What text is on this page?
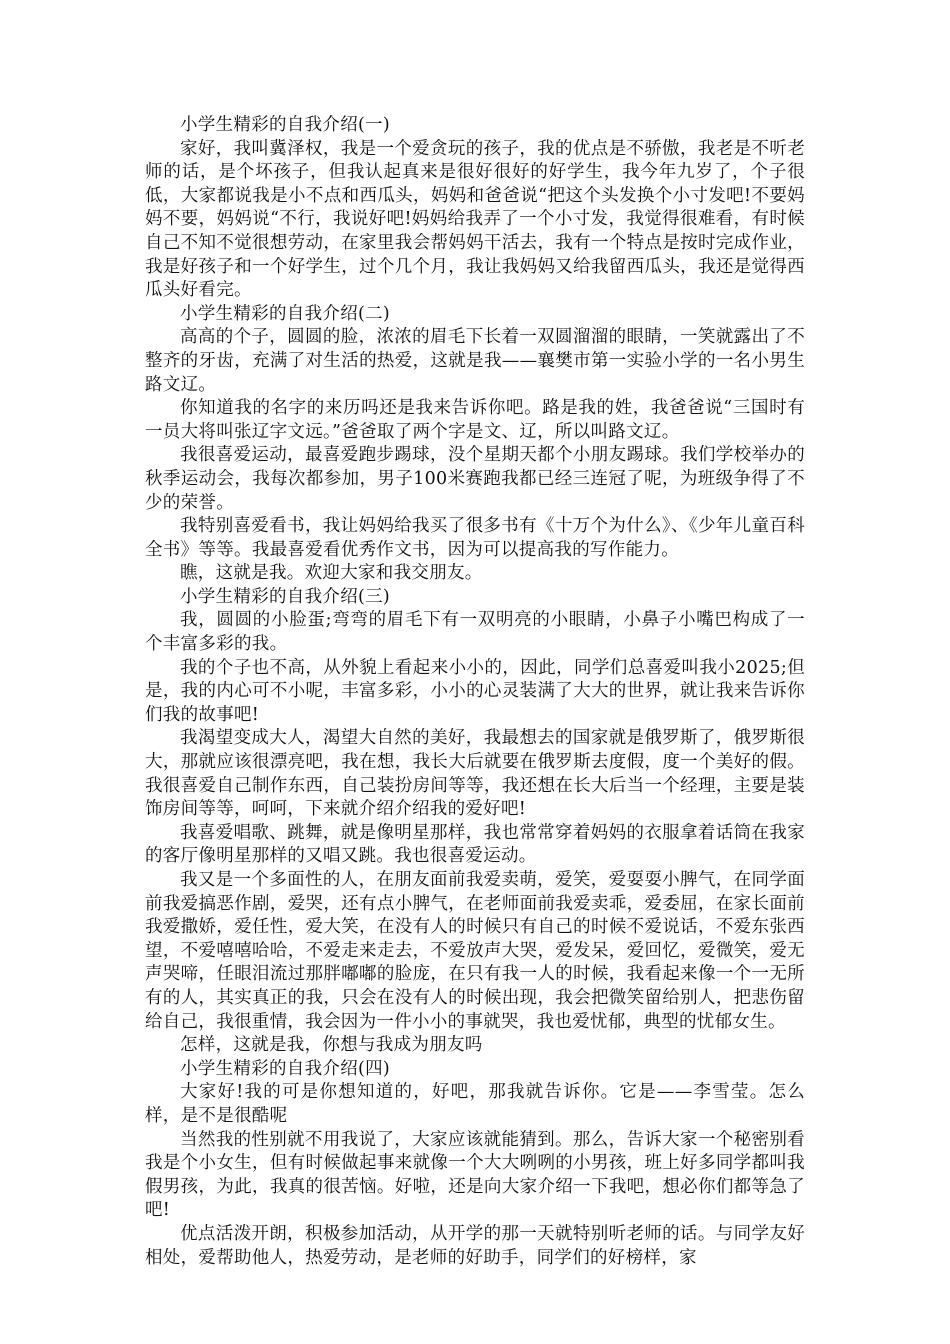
小学生精彩的自我介绍(一)

家好，我叫冀泽权，我是一个爱贪玩的孩子，我的优点是不骄傲，我老是不听老师的话，是个坏孩子，但我认起真来是很好很好的好学生，我今年九岁了，个子很低，大家都说我是小不点和西瓜头，妈妈和爸爸说“把这个头发换个小寸发吧!不要妈妈不要，妈妈说“不行，我说好吧!妈妈给我弄了一个小寸发，我觉得很难看，有时候自己不知不觉很想劳动，在家里我会帮妈妈干活去，我有一个特点是按时完成作业，我是好孩子和一个好学生，过个几个月，我让我妈妈又给我留西瓜头，我还是觉得西瓜头好看完。

小学生精彩的自我介绍(二)

高高的个子，圆圆的脸，浓浓的眉毛下长着一双圆溜溜的眼睛，一笑就露出了不整齐的牙齿，充满了对生活的热爱，这就是我——襄樊市第一实验小学的一名小男生路文辽。

你知道我的名字的来历吗还是我来告诉你吧。路是我的姓，我爸爸说“三国时有一员大将叫张辽字文远。”爸爸取了两个字是文、辽，所以叫路文辽。

我很喜爱运动，最喜爱跑步踢球，没个星期天都个小朋友踢球。我们学校举办的秋季运动会，我每次都参加，男子100米赛跑我都已经三连冠了呢，为班级争得了不少的荣誉。

我特别喜爱看书，我让妈妈给我买了很多书有《十万个为什么》、《少年儿童百科全书》等等。我最喜爱看优秀作文书，因为可以提高我的写作能力。

瞧，这就是我。欢迎大家和我交朋友。

小学生精彩的自我介绍(三)

我，圆圆的小脸蛋;弯弯的眉毛下有一双明亮的小眼睛，小鼻子小嘴巴构成了一个丰富多彩的我。

我的个子也不高，从外貌上看起来小小的，因此，同学们总喜爱叫我小2025;但是，我的内心可不小呢，丰富多彩，小小的心灵装满了大大的世界，就让我来告诉你们我的故事吧!

我渴望变成大人，渴望大自然的美好，我最想去的国家就是俄罗斯了，俄罗斯很大，那就应该很漂亮吧，我在想，我长大后就要在俄罗斯去度假，度一个美好的假。我很喜爱自己制作东西，自己装扮房间等等，我还想在长大后当一个经理，主要是装饰房间等等，呵呵，下来就介绍介绍我的爱好吧!

我喜爱唱歌、跳舞，就是像明星那样，我也常常穿着妈妈的衣服拿着话筒在我家的客厅像明星那样的又唱又跳。我也很喜爱运动。

我又是一个多面性的人，在朋友面前我爱卖萌，爱笑，爱耍耍小脾气，在同学面前我爱搞恶作剧，爱哭，还有点小脾气，在老师面前我爱卖乖，爱委屈，在家长面前我爱撒娇，爱任性，爱大笑，在没有人的时候只有自己的时候不爱说话，不爱东张西望，不爱嘻嘻哈哈，不爱走来走去，不爱放声大哭，爱发呆，爱回忆，爱微笑，爱无声哭啼，任眼泪流过那胖嘟嘟的脸庞，在只有我一人的时候，我看起来像一个一无所有的人，其实真正的我，只会在没有人的时候出现，我会把微笑留给别人，把悲伤留给自己，我很重情，我会因为一件小小的事就哭，我也爱忧郁，典型的忧郁女生。

怎样，这就是我，你想与我成为朋友吗

小学生精彩的自我介绍(四)

大家好!我的可是你想知道的，好吧，那我就告诉你。它是——李雪莹。怎么样，是不是很酷呢

当然我的性别就不用我说了，大家应该就能猜到。那么，告诉大家一个秘密别看我是个小女生，但有时候做起事来就像一个大大咧咧的小男孩，班上好多同学都叫我假男孩，为此，我真的很苦恼。好啦，还是向大家介绍一下我吧，想必你们都等急了吧!

优点活泼开朗，积极参加活动，从开学的那一天就特别听老师的话。与同学友好相处，爱帮助他人，热爱劳动，是老师的好助手，同学们的好榜样，家
